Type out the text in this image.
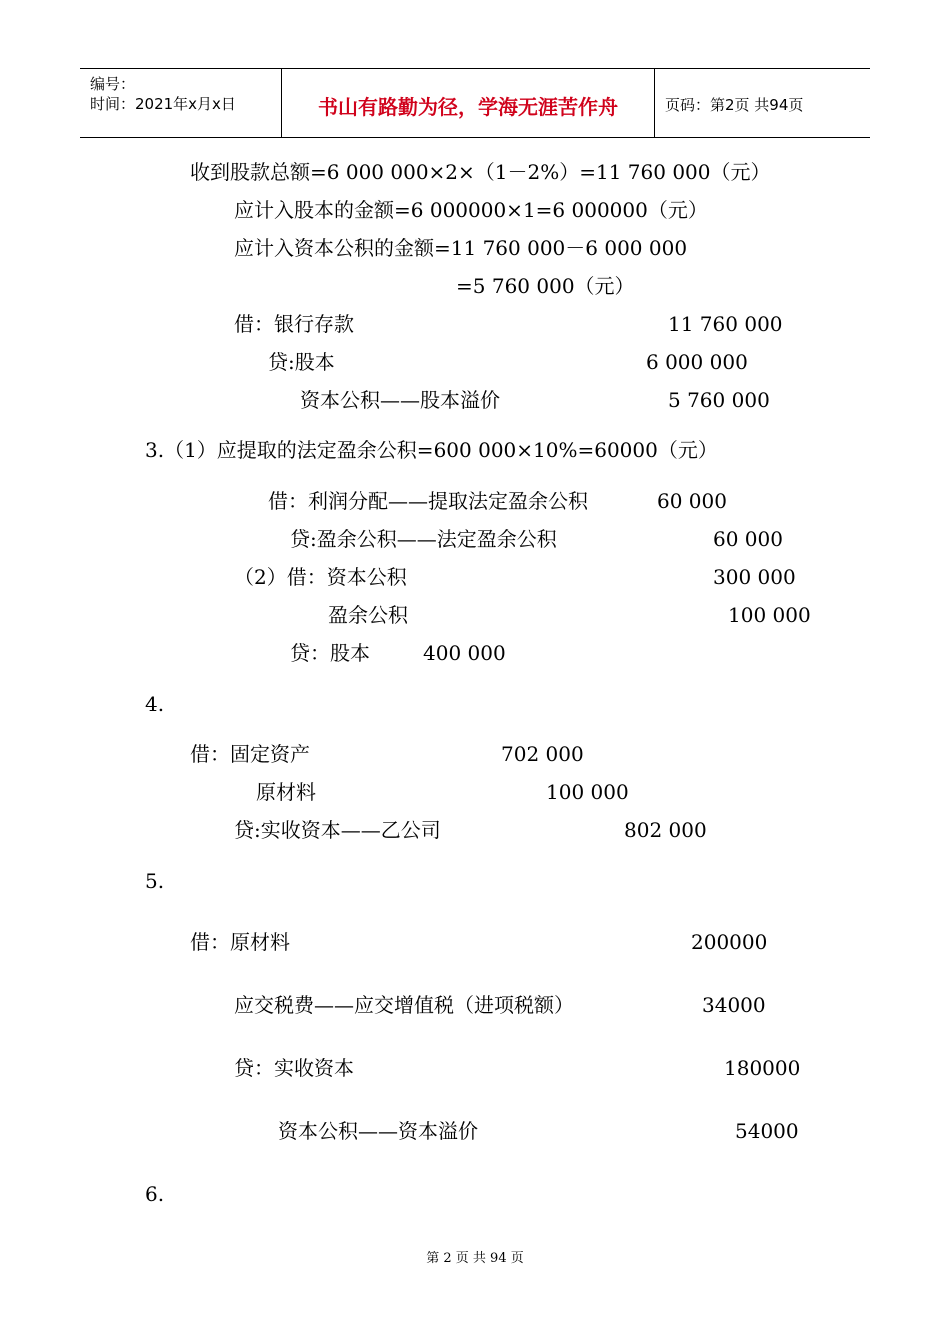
编号：
时间：2021年x月x日	书山有路勤为径，学海无涯苦作舟	页码：第2页 共94页
收到股款总额=6 000 000×2×（1－2%）=11 760 000（元）
应计入股本的金额=6 000000×1=6 000000（元）
应计入资本公积的金额=11 760 000－6 000 000
=5 760 000（元）
借：银行存款	11 760 000
贷:股本	6 000 000
资本公积——股本溢价	5 760 000
3.（1）应提取的法定盈余公积=600 000×10%=60000（元）
借：利润分配——提取法定盈余公积	60 000
贷:盈余公积——法定盈余公积	60 000
（2）借：资本公积	300 000
盈余公积	100 000
贷：股本	400 000
4.
借：固定资产	702 000
原材料	100 000
贷:实收资本——乙公司	802 000
5.
借：原材料	200000
应交税费——应交增值税（进项税额）	34000
贷：实收资本	180000
资本公积——资本溢价	54000
6.
第 2 页 共 94 页
